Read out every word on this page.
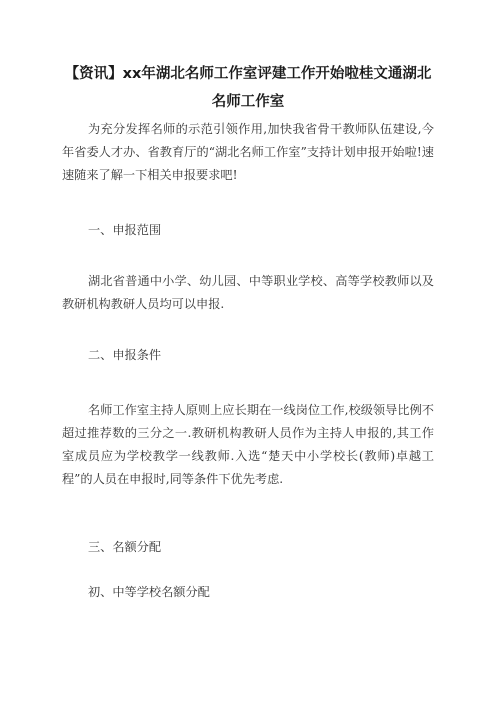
【资讯】xx年湖北名师工作室评建工作开始啦桂文通湖北名师工作室

为充分发挥名师的示范引领作用,加快我省骨干教师队伍建设,今年省委人才办、省教育厅的“湖北名师工作室”支持计划申报开始啦!速速随来了解一下相关申报要求吧!

一、申报范围

湖北省普通中小学、幼儿园、中等职业学校、高等学校教师以及教研机构教研人员均可以申报.

二、申报条件

名师工作室主持人原则上应长期在一线岗位工作,校级领导比例不超过推荐数的三分之一.教研机构教研人员作为主持人申报的,其工作室成员应为学校教学一线教师.入选“楚天中小学校长(教师)卓越工程”的人员在申报时,同等条件下优先考虑.

三、名额分配

初、中等学校名额分配
